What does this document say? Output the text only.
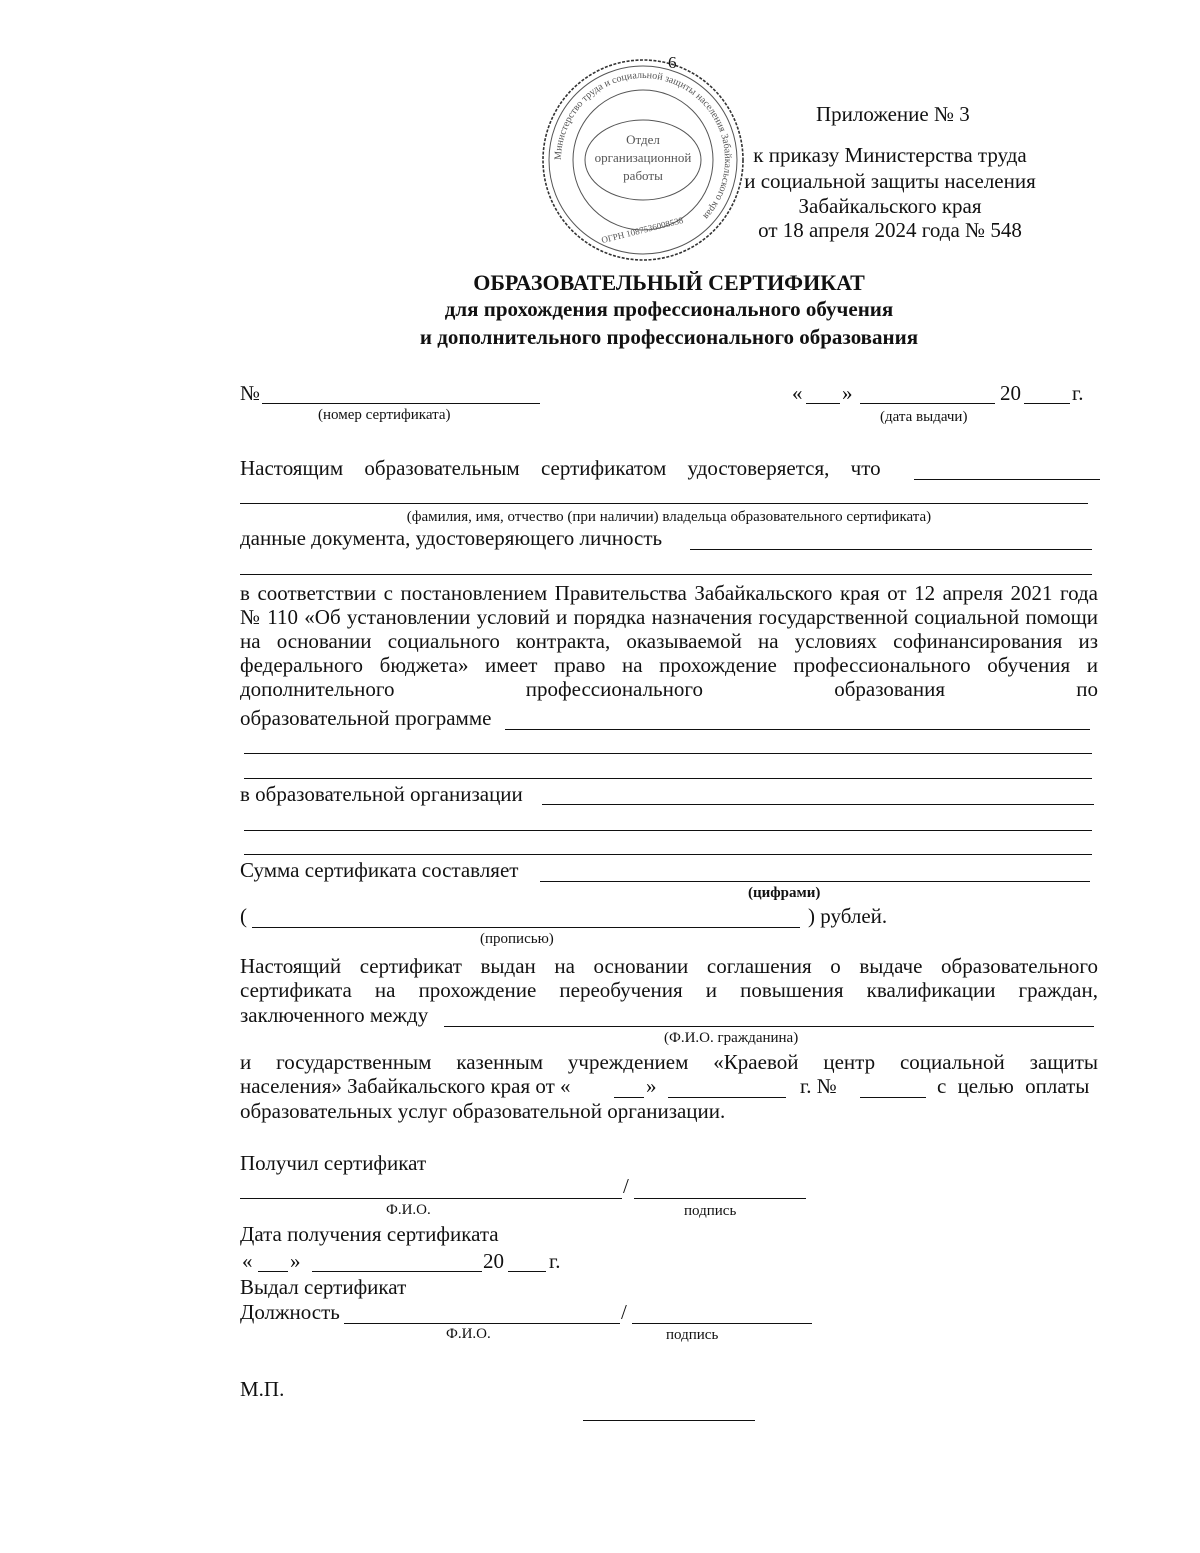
Министерство труда и социальной защиты населения Забайкальского края
Отдел
организационной
работы
ОГРН 1087536008538
6
Приложение № 3
к приказу Министерства труда
и социальной защиты населения
Забайкальского края
от 18 апреля 2024 года № 548
ОБРАЗОВАТЕЛЬНЫЙ СЕРТИФИКАТ
для прохождения профессионального обучения
и дополнительного профессионального образования
№
(номер сертификата)
« »	20 г.
(дата выдачи)
Настоящим образовательным сертификатом удостоверяется, что
(фамилия, имя, отчество (при наличии) владельца образовательного сертификата)
данные документа, удостоверяющего личность
в соответствии с постановлением Правительства Забайкальского края от 12 апреля 2021 года № 110 «Об установлении условий и порядка назначения государственной социальной помощи на основании социального контракта, оказываемой на условиях софинансирования из федерального бюджета» имеет право на прохождение профессионального обучения и дополнительного профессионального образования по
образовательной программе
в образовательной организации
Сумма сертификата составляет
(цифрами)
(	) рублей.
(прописью)
Настоящий сертификат выдан на основании соглашения о выдаче образовательного сертификата на прохождение переобучения и повышения квалификации граждан,
заключенного между
(Ф.И.О. гражданина)
и государственным казенным учреждением «Краевой центр социальной защиты
населения» Забайкальского края от «	»	г. №	с целью оплаты
образовательных услуг образовательной организации.
Получил сертификат
/
Ф.И.О.	подпись
Дата получения сертификата
« »	20 г.
Выдал сертификат
Должность	/
Ф.И.О.	подпись
М.П.
